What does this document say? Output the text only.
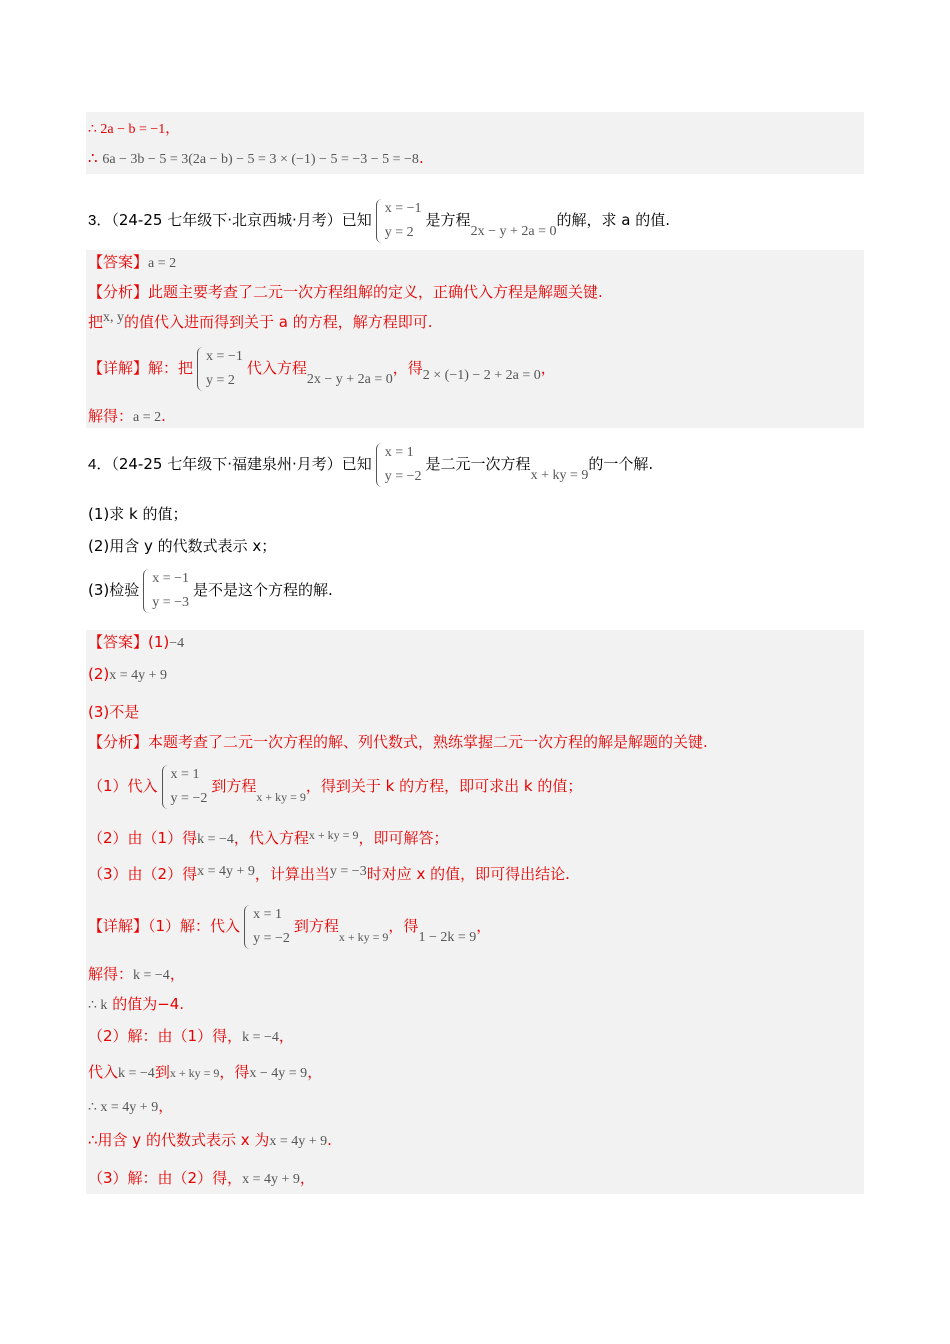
∴ 2a − b = −1，
∴ 6a − 3b − 5 = 3(2a − b) − 5 = 3 × (−1) − 5 = −3 − 5 = −8.
3．（24-25 七年级下·北京西城·月考）已知
x = −1
y = 2
是方程2x − y + 2a = 0的解，求 a 的值.
【答案】a = 2
【分析】此题主要考查了二元一次方程组解的定义，正确代入方程是解题关键.
把x, y的值代入进而得到关于 a 的方程，解方程即可.
【详解】解：把
x = −1
y = 2
代入方程2x − y + 2a = 0，得2 × (−1) − 2 + 2a = 0，
解得：a = 2.
4．（24-25 七年级下·福建泉州·月考）已知
x = 1
y = −2
是二元一次方程x + ky = 9的一个解.
(1)求 k 的值；
(2)用含 y 的代数式表示 x；
(3)检验
x = −1
y = −3
是不是这个方程的解.
【答案】(1)−4
(2)x = 4y + 9
(3)不是
【分析】本题考查了二元一次方程的解、列代数式，熟练掌握二元一次方程的解是解题的关键.
（1）代入
x = 1
y = −2
到方程$_{x + ky = 9}$，得到关于 k 的方程，即可求出 k 的值；
（2）由（1）得k = −4，代入方程$^{x + ky = 9}$，即可解答；
（3）由（2）得x = 4y + 9，计算出当y = −3时对应 x 的值，即可得出结论.
【详解】（1）解：代入
x = 1
y = −2
到方程$_{x + ky = 9}$，得1 − 2k = 9，
解得：k = −4，
∴ k 的值为−4.
（2）解：由（1）得，k = −4，
代入k = −4到x + ky = 9，得x − 4y = 9，
∴ x = 4y + 9，
∴用含 y 的代数式表示 x 为x = 4y + 9.
（3）解：由（2）得，x = 4y + 9，
